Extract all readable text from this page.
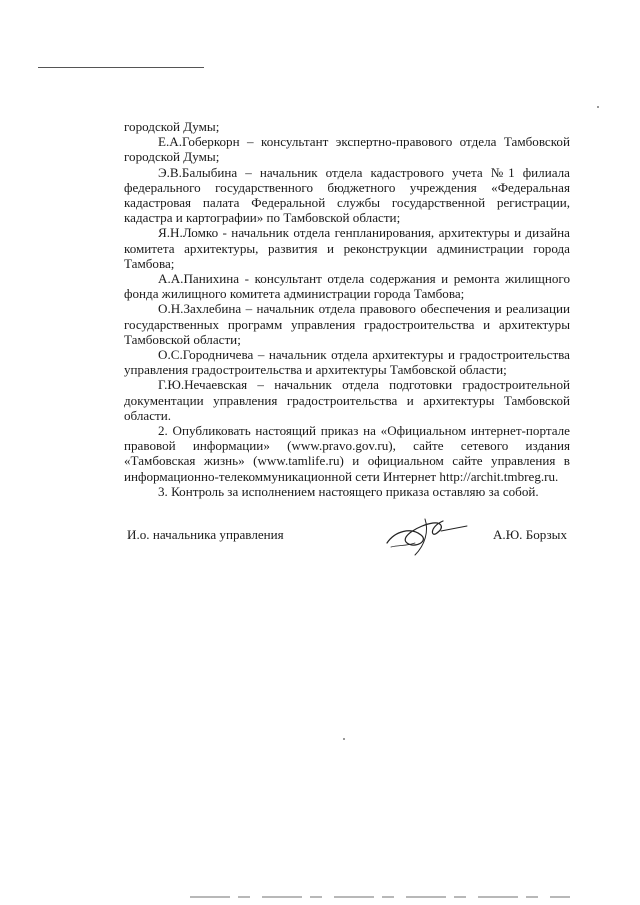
городской Думы;

Е.А.Гоберкорн – консультант экспертно-правового отдела Тамбовской городской Думы;

Э.В.Балыбина – начальник отдела кадастрового учета №1 филиала федерального государственного бюджетного учреждения «Федеральная кадастровая палата Федеральной службы государственной регистрации, кадастра и картографии» по Тамбовской области;

Я.Н.Ломко - начальник отдела генпланирования, архитектуры и дизайна комитета архитектуры, развития и реконструкции администрации города Тамбова;

А.А.Панихина - консультант отдела содержания и ремонта жилищного фонда жилищного комитета администрации города Тамбова;

О.Н.Захлебина – начальник отдела правового обеспечения и реализации государственных программ управления градостроительства и архитектуры Тамбовской области;

О.С.Городничева – начальник отдела архитектуры и градостроительства управления градостроительства и архитектуры Тамбовской области;

Г.Ю.Нечаевская – начальник отдела подготовки градостроительной документации управления градостроительства и архитектуры Тамбовской области.

2. Опубликовать настоящий приказ на «Официальном интернет-портале правовой информации» (www.pravo.gov.ru), сайте сетевого издания «Тамбовская жизнь» (www.tamlife.ru) и официальном сайте управления в информационно-телекоммуникационной сети Интернет http://archit.tmbreg.ru.

3. Контроль за исполнением настоящего приказа оставляю за собой.

И.о. начальника управления	А.Ю. Борзых
